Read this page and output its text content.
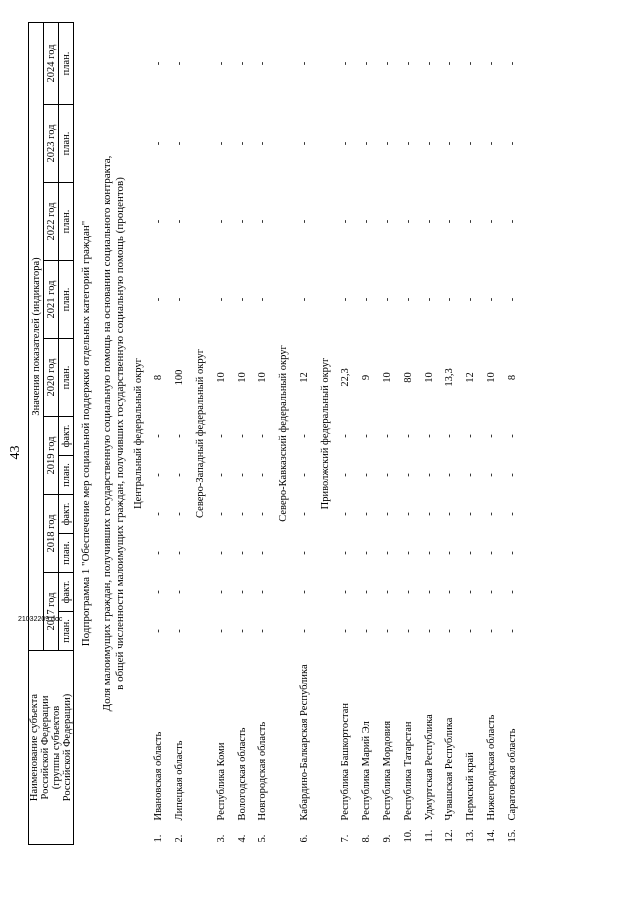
43
Наименование субъекта Российской Федерации (группы субъектов Российской Федерации)		Значения показателей (индикатора)										
		2017 год		2018 год		2019 год		2020 год	2021 год	2022 год	2023 год	2024 год
		план.	факт.	план.	факт.	план.	факт.	план.	план.	план.	план.	план.

Подпрограмма 1 "Обеспечение мер социальной поддержки отдельных категорий граждан" Доля малоимущих граждан, получивших государственную социальную помощь на основании социального контракта, в общей численности малоимущих граждан, получивших государственную социальную помощь (процентов)												

Центральный федеральный округ												
1.	Ивановская область	-	-	-	-	-	-	8	-	-	-	-
2.	Липецкая область	-	-	-	-	-	-	100	-	-	-	-
Северо-Западный федеральный округ												
3.	Республика Коми	-	-	-	-	-	-	10	-	-	-	-
4.	Вологодская область	-	-	-	-	-	-	10	-	-	-	-
5.	Новгородская область	-	-	-	-	-	-	10	-	-	-	-
Северо-Кавказский федеральный округ												
6.	Кабардино-Балкарская Республика	-	-	-	-	-	-	12	-	-	-	-
Приволжский федеральный округ												
7.	Республика Башкортостан	-	-	-	-	-	-	22,3	-	-	-	-
8.	Республика Марий Эл	-	-	-	-	-	-	9	-	-	-	-
9.	Республика Мордовия	-	-	-	-	-	-	10	-	-	-	-
10.	Республика Татарстан	-	-	-	-	-	-	80	-	-	-	-
11.	Удмуртская Республика	-	-	-	-	-	-	10	-	-	-	-
12.	Чувашская Республика	-	-	-	-	-	-	13,3	-	-	-	-
13.	Пермский край	-	-	-	-	-	-	12	-	-	-	-
14.	Нижегородская область	-	-	-	-	-	-	10	-	-	-	-
15.	Саратовская область	-	-	-	-	-	-	8	-	-	-	-
21032209.doc
